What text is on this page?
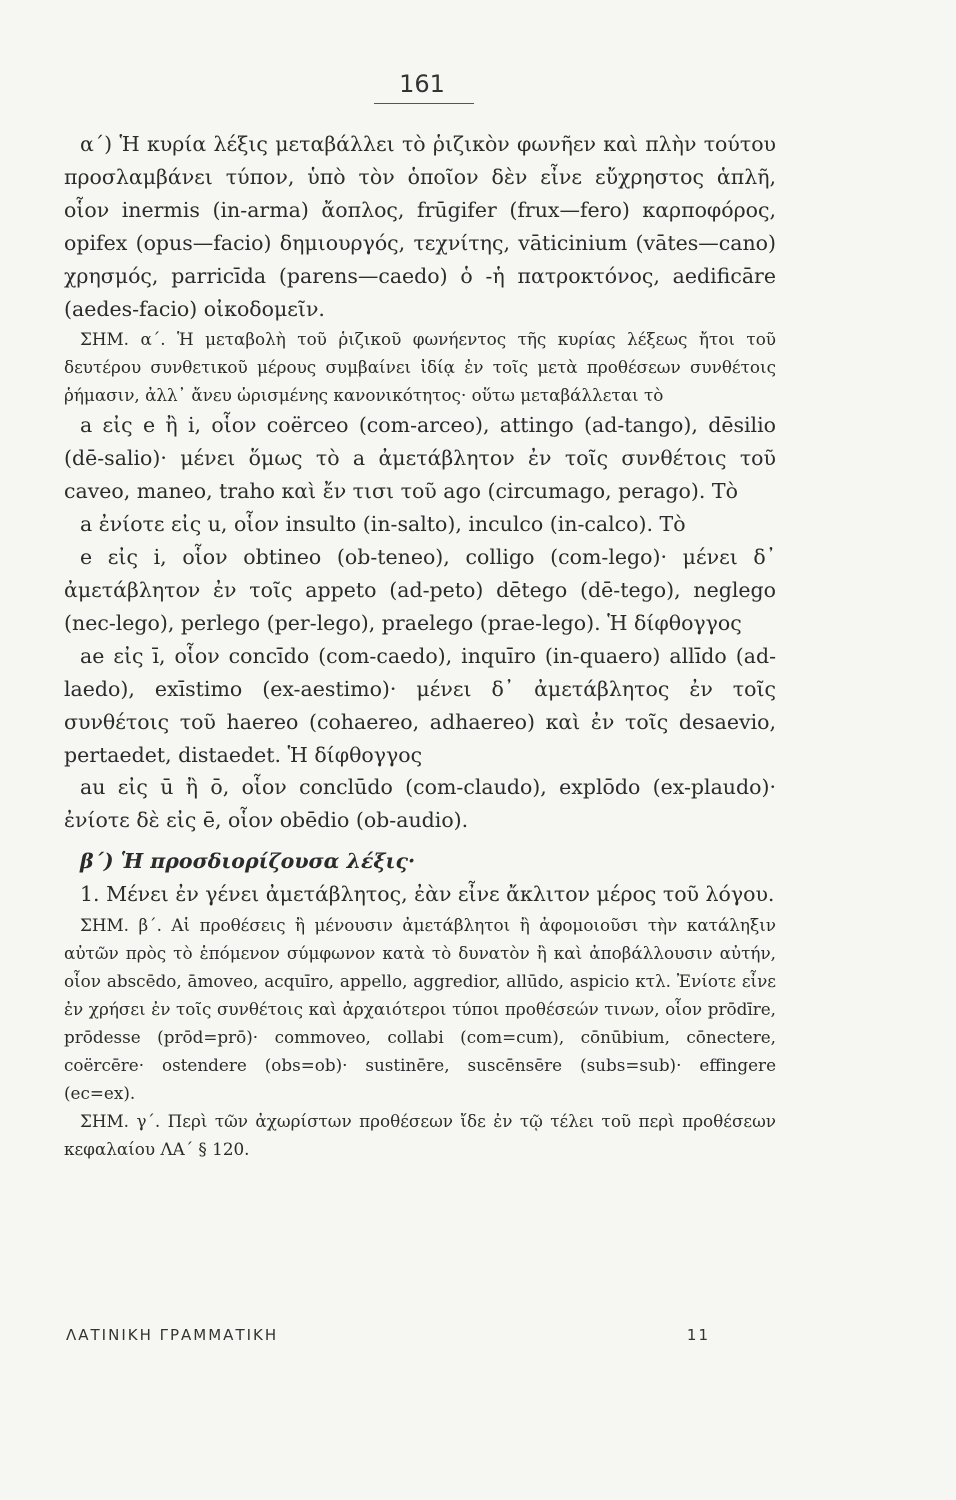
161

α΄) Ἡ κυρία λέξις μεταβάλλει τὸ ῥιζικὸν φωνῆεν καὶ πλὴν τούτου προσλαμβάνει τύπον, ὑπὸ τὸν ὁποῖον δὲν εἶνε εὔχρηστος ἁπλῆ, οἷον inermis (in-arma) ἄοπλος, frūgifer (frux—fero) καρποφόρος, opifex (opus—facio) δημιουργός, τεχνίτης, vāticinium (vātes—cano) χρησμός, parricīda (parens—caedo) ὁ -ἡ πατροκτόνος, aedificāre (aedes-facio) οἰκοδομεῖν.

ΣΗΜ. α΄. Ἡ μεταβολὴ τοῦ ῥιζικοῦ φωνήεντος τῆς κυρίας λέξεως ἤτοι τοῦ δευτέρου συνθετικοῦ μέρους συμβαίνει ἰδίᾳ ἐν τοῖς μετὰ προθέσεων συνθέτοις ῥήμασιν, ἀλλ᾽ ἄνευ ὡρισμένης κανονικότητος· οὕτω μεταβάλλεται τὸ

a εἰς e ἢ i, οἷον coërceo (com-arceo), attingo (ad-tango), dēsilio (dē-salio)· μένει ὅμως τὸ a ἀμετάβλητον ἐν τοῖς συνθέτοις τοῦ caveo, maneo, traho καὶ ἔν τισι τοῦ ago (circumago, perago). Τὸ

a ἐνίοτε εἰς u, οἷον insulto (in-salto), inculco (in-calco). Τὸ

e εἰς i, οἷον obtineo (ob-teneo), colligo (com-lego)· μένει δ᾽ ἀμετάβλητον ἐν τοῖς appeto (ad-peto) dētego (dē-tego), neglego (nec-lego), perlego (per-lego), praelego (prae-lego). Ἡ δίφθογγος

ae εἰς ī, οἷον concīdo (com-caedo), inquīro (in-quaero) allīdo (ad-laedo), exīstimo (ex-aestimo)· μένει δ᾽ ἀμετάβλητος ἐν τοῖς συνθέτοις τοῦ haereo (cohaereo, adhaereo) καὶ ἐν τοῖς desaevio, pertaedet, distaedet. Ἡ δίφθογγος

au εἰς ū ἢ ō, οἷον conclūdo (com-claudo), explōdo (ex-plaudo)· ἐνίοτε δὲ εἰς ē, οἷον obēdio (ob-audio).

β΄) Ἡ προσδιορίζουσα λέξις·

1. Μένει ἐν γένει ἀμετάβλητος, ἐὰν εἶνε ἄκλιτον μέρος τοῦ λόγου.

ΣΗΜ. β΄. Αἱ προθέσεις ἢ μένουσιν ἀμετάβλητοι ἢ ἀφομοιοῦσι τὴν κατάληξιν αὐτῶν πρὸς τὸ ἑπόμενον σύμφωνον κατὰ τὸ δυνατὸν ἢ καὶ ἀποβάλλουσιν αὐτήν, οἷον abscēdo, āmoveo, acquīro, appello, aggredior, allūdo, aspicio κτλ. Ἐνίοτε εἶνε ἐν χρήσει ἐν τοῖς συνθέτοις καὶ ἀρχαιότεροι τύποι προθέσεών τινων, οἷον prōdīre, prōdesse (prōd=prō)· commoveo, collabi (com=cum), cōnūbium, cōnectere, coërcēre· ostendere (obs=ob)· sustinēre, suscēnsēre (subs=sub)· effingere (ec=ex).

ΣΗΜ. γ΄. Περὶ τῶν ἀχωρίστων προθέσεων ἴδε ἐν τῷ τέλει τοῦ περὶ προθέσεων κεφαλαίου ΛΑ΄ § 120.

ΛΑΤΙΝΙΚΗ ΓΡΑΜΜΑΤΙΚΗ	11
